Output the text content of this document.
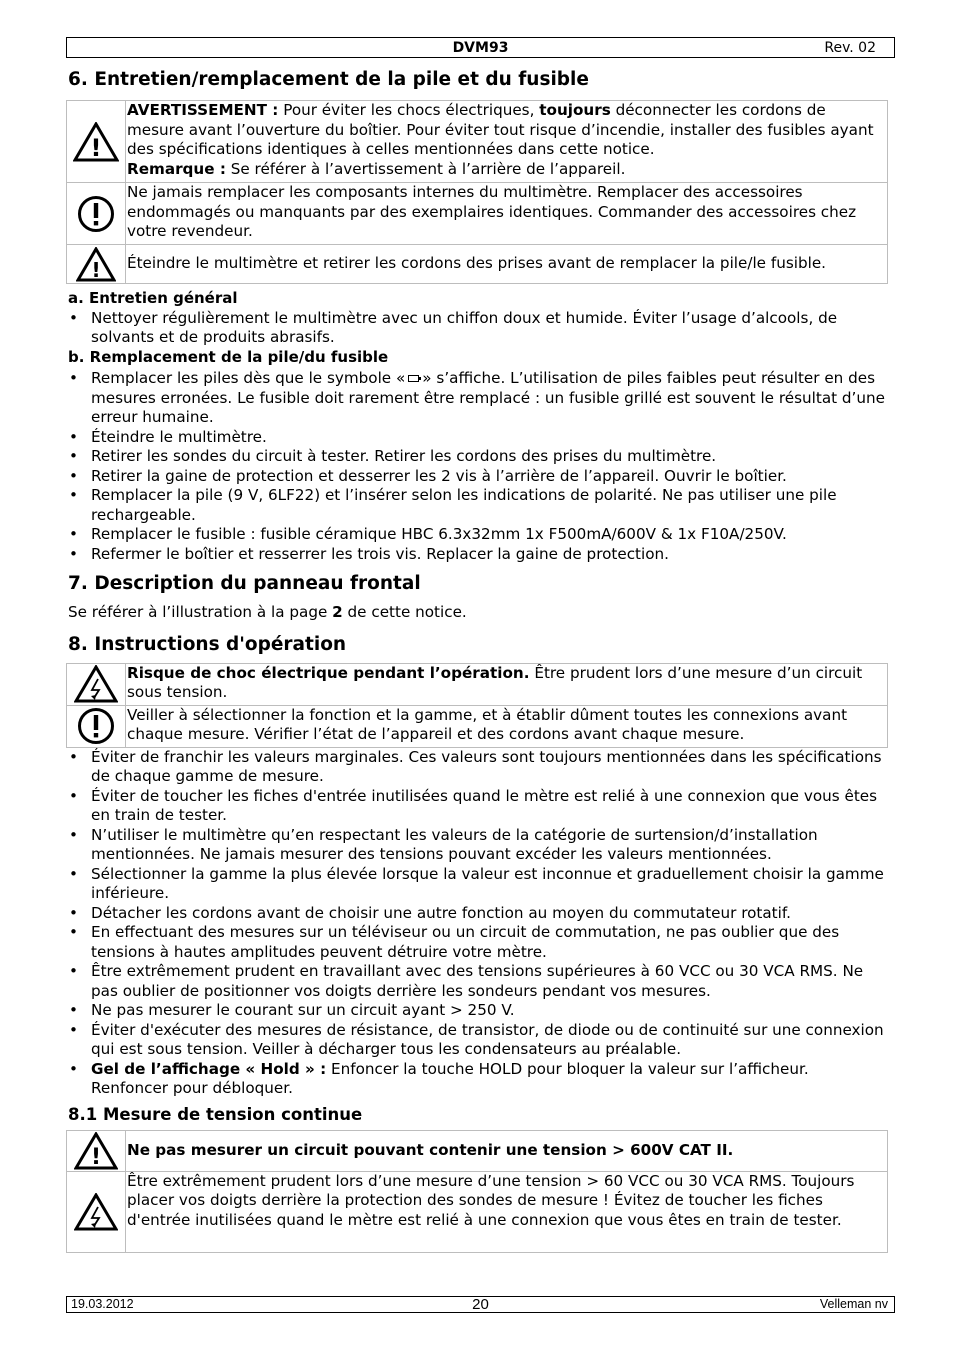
DVM93	Rev. 02
6. Entretien/remplacement de la pile et du fusible
!	AVERTISSEMENT : Pour éviter les chocs électriques, toujours déconnecter les cordons de mesure avant l’ouverture du boîtier. Pour éviter tout risque d’incendie, installer des fusibles ayant des spécifications identiques à celles mentionnées dans cette notice.
Remarque : Se référer à l’avertissement à l’arrière de l’appareil.

	Ne jamais remplacer les composants internes du multimètre. Remplacer des accessoires endommagés ou manquants par des exemplaires identiques. Commander des accessoires chez votre revendeur.

!	Éteindre le multimètre et retirer les cordons des prises avant de remplacer la pile/le fusible.
a. Entretien général
• Nettoyer régulièrement le multimètre avec un chiffon doux et humide. Éviter l’usage d’alcools, de solvants et de produits abrasifs.
b. Remplacement de la pile/du fusible
• Remplacer les piles dès que le symbole « » s’affiche. L’utilisation de piles faibles peut résulter en des mesures erronées. Le fusible doit rarement être remplacé : un fusible grillé est souvent le résultat d’une erreur humaine.
• Éteindre le multimètre.
• Retirer les sondes du circuit à tester. Retirer les cordons des prises du multimètre.
• Retirer la gaine de protection et desserrer les 2 vis à l’arrière de l’appareil. Ouvrir le boîtier.
• Remplacer la pile (9 V, 6LF22) et l’insérer selon les indications de polarité. Ne pas utiliser une pile rechargeable.
• Remplacer le fusible : fusible céramique HBC 6.3x32mm 1x F500mA/600V & 1x F10A/250V.
• Refermer le boîtier et resserrer les trois vis. Replacer la gaine de protection.
7. Description du panneau frontal

Se référer à l’illustration à la page 2 de cette notice.

8. Instructions d'opération
	Risque de choc électrique pendant l’opération. Être prudent lors d’une mesure d’un circuit sous tension.

	Veiller à sélectionner la fonction et la gamme, et à établir dûment toutes les connexions avant chaque mesure. Vérifier l’état de l’appareil et des cordons avant chaque mesure.
• Éviter de franchir les valeurs marginales. Ces valeurs sont toujours mentionnées dans les spécifications de chaque gamme de mesure.
• Éviter de toucher les fiches d'entrée inutilisées quand le mètre est relié à une connexion que vous êtes en train de tester.
• N’utiliser le multimètre qu’en respectant les valeurs de la catégorie de surtension/d’installation mentionnées. Ne jamais mesurer des tensions pouvant excéder les valeurs mentionnées.
• Sélectionner la gamme la plus élevée lorsque la valeur est inconnue et graduellement choisir la gamme inférieure.
• Détacher les cordons avant de choisir une autre fonction au moyen du commutateur rotatif.
• En effectuant des mesures sur un téléviseur ou un circuit de commutation, ne pas oublier que des tensions à hautes amplitudes peuvent détruire votre mètre.
• Être extrêmement prudent en travaillant avec des tensions supérieures à 60 VCC ou 30 VCA RMS. Ne pas oublier de positionner vos doigts derrière les sondeurs pendant vos mesures.
• Ne pas mesurer le courant sur un circuit ayant > 250 V.
• Éviter d'exécuter des mesures de résistance, de transistor, de diode ou de continuité sur une connexion qui est sous tension. Veiller à décharger tous les condensateurs au préalable.
• Gel de l’affichage « Hold » : Enfoncer la touche HOLD pour bloquer la valeur sur l’afficheur. Renfoncer pour débloquer.
8.1 Mesure de tension continue
!	Ne pas mesurer un circuit pouvant contenir une tension > 600V CAT II.

	Être extrêmement prudent lors d’une mesure d’une tension > 60 VCC ou 30 VCA RMS. Toujours placer vos doigts derrière la protection des sondes de mesure ! Évitez de toucher les fiches d'entrée inutilisées quand le mètre est relié à une connexion que vous êtes en train de tester.
19.03.2012	20	Velleman nv
